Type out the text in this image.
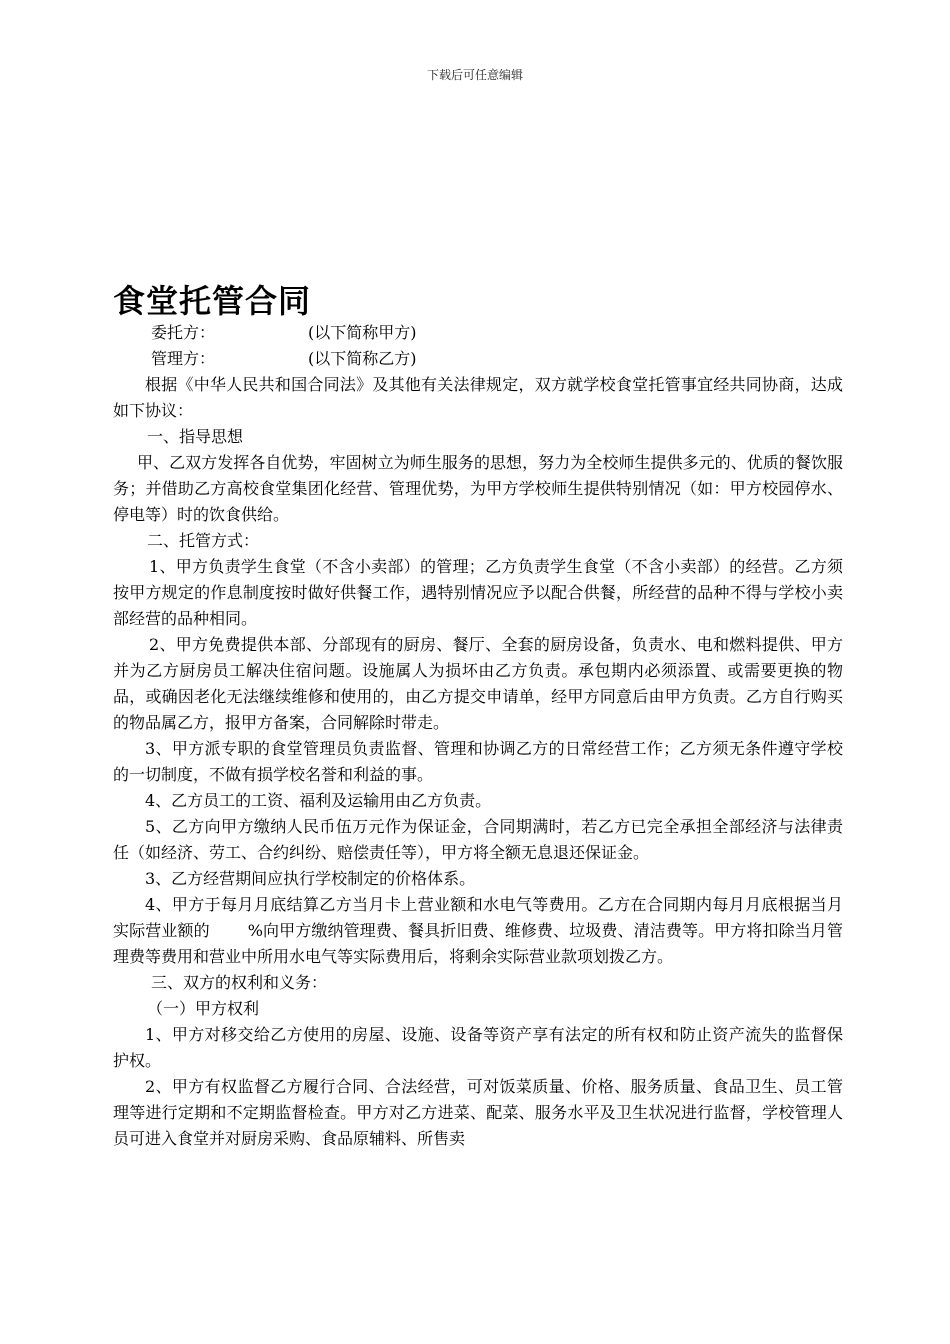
下载后可任意编辑
食堂托管合同
委托方：	(以下简称甲方)
管理方：	(以下简称乙方)

根据《中华人民共和国合同法》及其他有关法律规定，双方就学校食堂托管事宜经共同协商，达成如下协议：

一、指导思想

甲、乙双方发挥各自优势，牢固树立为师生服务的思想，努力为全校师生提供多元的、优质的餐饮服务；并借助乙方高校食堂集团化经营、管理优势，为甲方学校师生提供特别情况（如：甲方校园停水、停电等）时的饮食供给。

二、托管方式：

1、甲方负责学生食堂（不含小卖部）的管理；乙方负责学生食堂（不含小卖部）的经营。乙方须按甲方规定的作息制度按时做好供餐工作，遇特别情况应予以配合供餐，所经营的品种不得与学校小卖部经营的品种相同。

2、甲方免费提供本部、分部现有的厨房、餐厅、全套的厨房设备，负责水、电和燃料提供、甲方并为乙方厨房员工解决住宿问题。设施属人为损坏由乙方负责。承包期内必须添置、或需要更换的物品，或确因老化无法继续维修和使用的，由乙方提交申请单，经甲方同意后由甲方负责。乙方自行购买的物品属乙方，报甲方备案，合同解除时带走。

3、甲方派专职的食堂管理员负责监督、管理和协调乙方的日常经营工作；乙方须无条件遵守学校的一切制度，不做有损学校名誉和利益的事。

4、乙方员工的工资、福利及运输用由乙方负责。

5、乙方向甲方缴纳人民币伍万元作为保证金，合同期满时，若乙方已完全承担全部经济与法律责任（如经济、劳工、合约纠纷、赔偿责任等），甲方将全额无息退还保证金。

3、乙方经营期间应执行学校制定的价格体系。

4、甲方于每月月底结算乙方当月卡上营业额和水电气等费用。乙方在合同期内每月月底根据当月实际营业额的 %向甲方缴纳管理费、餐具折旧费、维修费、垃圾费、清洁费等。甲方将扣除当月管理费等费用和营业中所用水电气等实际费用后，将剩余实际营业款项划拨乙方。

三、双方的权利和义务：

（一）甲方权利

1、甲方对移交给乙方使用的房屋、设施、设备等资产享有法定的所有权和防止资产流失的监督保护权。

2、甲方有权监督乙方履行合同、合法经营，可对饭菜质量、价格、服务质量、食品卫生、员工管理等进行定期和不定期监督检查。甲方对乙方进菜、配菜、服务水平及卫生状况进行监督，学校管理人员可进入食堂并对厨房采购、食品原辅料、所售卖
